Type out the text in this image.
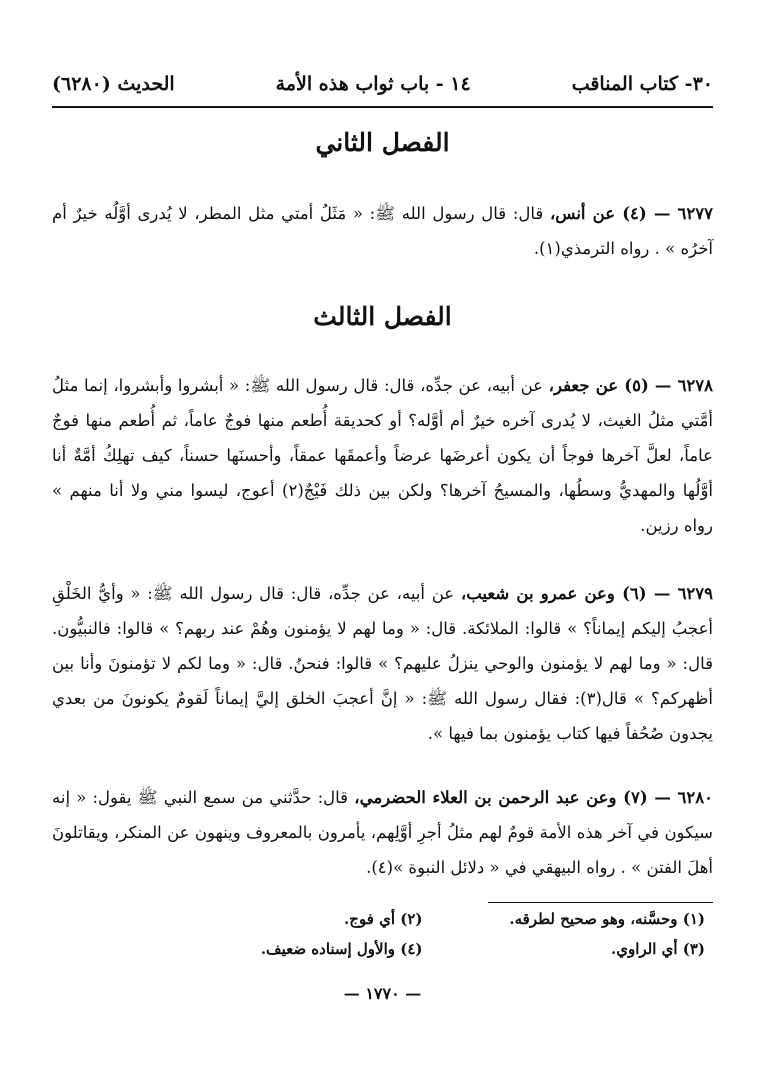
٣٠- كتاب المناقب
١٤ - باب ثواب هذه الأمة
الحديث (٦٢٨٠)
الفصل الثاني
٦٢٧٧ — (٤) عن أنس، قال: قال رسول الله ﷺ: « مَثَلُ أمتي مثل المطر، لا يُدرى أوَّلُه خيرٌ أم آخرُه » . رواه الترمذي(١).
الفصل الثالث
٦٢٧٨ — (٥) عن جعفر، عن أبيه، عن جدِّه، قال: قال رسول الله ﷺ: « أبشروا وأبشروا، إنما مثلُ أمَّتي مثلُ الغيث، لا يُدرى آخره خيرٌ أم أوَّله؟ أو كحديقة أُطعم منها فوجٌ عاماً، ثم أُطعم منها فوجٌ عاماً، لعلَّ آخرها فوجاً أن يكون أعرضَها عرضاً وأعمقَها عمقاً، وأحسنَها حسناً، كيف تهلِكُ أمَّةٌ أنا أوَّلُها والمهديُّ وسطُها، والمسيحُ آخرها؟ ولكن بين ذلك فَيْجٌ(٢) أعوج، ليسوا مني ولا أنا منهم » رواه رزين.
٦٢٧٩ — (٦) وعن عمرو بن شعيب، عن أبيه، عن جدِّه، قال: قال رسول الله ﷺ: « وأيُّ الخَلْقِ أعجبُ إليكم إيماناً؟ » قالوا: الملائكة. قال: « وما لهم لا يؤمنون وهُمْ عند ربهم؟ » قالوا: فالنبيُّون. قال: « وما لهم لا يؤمنون والوحي ينزلُ عليهم؟ » قالوا: فنحنُ. قال: « وما لكم لا تؤمنونَ وأنا بين أظهركم؟ » قال(٣): فقال رسول الله ﷺ: « إنَّ أعجبَ الخلق إليَّ إيماناً لَقومٌ يكونونَ من بعدي يجدون صُحُفاً فيها كتاب يؤمنون بما فيها ».
٦٢٨٠ — (٧) وعن عبد الرحمن بن العلاء الحضرمي، قال: حدَّثني من سمع النبي ﷺ يقول: « إنه سيكون في آخر هذه الأمة قومٌ لهم مثلُ أجرِ أوَّلِهم، يأمرون بالمعروف وينهون عن المنكر، ويقاتلونَ أهلَ الفتن » . رواه البيهقي في « دلائل النبوة »(٤).
(١) وحسَّنه، وهو صحيح لطرقه.
(٢) أي فوج.
(٣) أي الراوي.
(٤) والأول إسناده ضعيف.
— ١٧٧٠ —
